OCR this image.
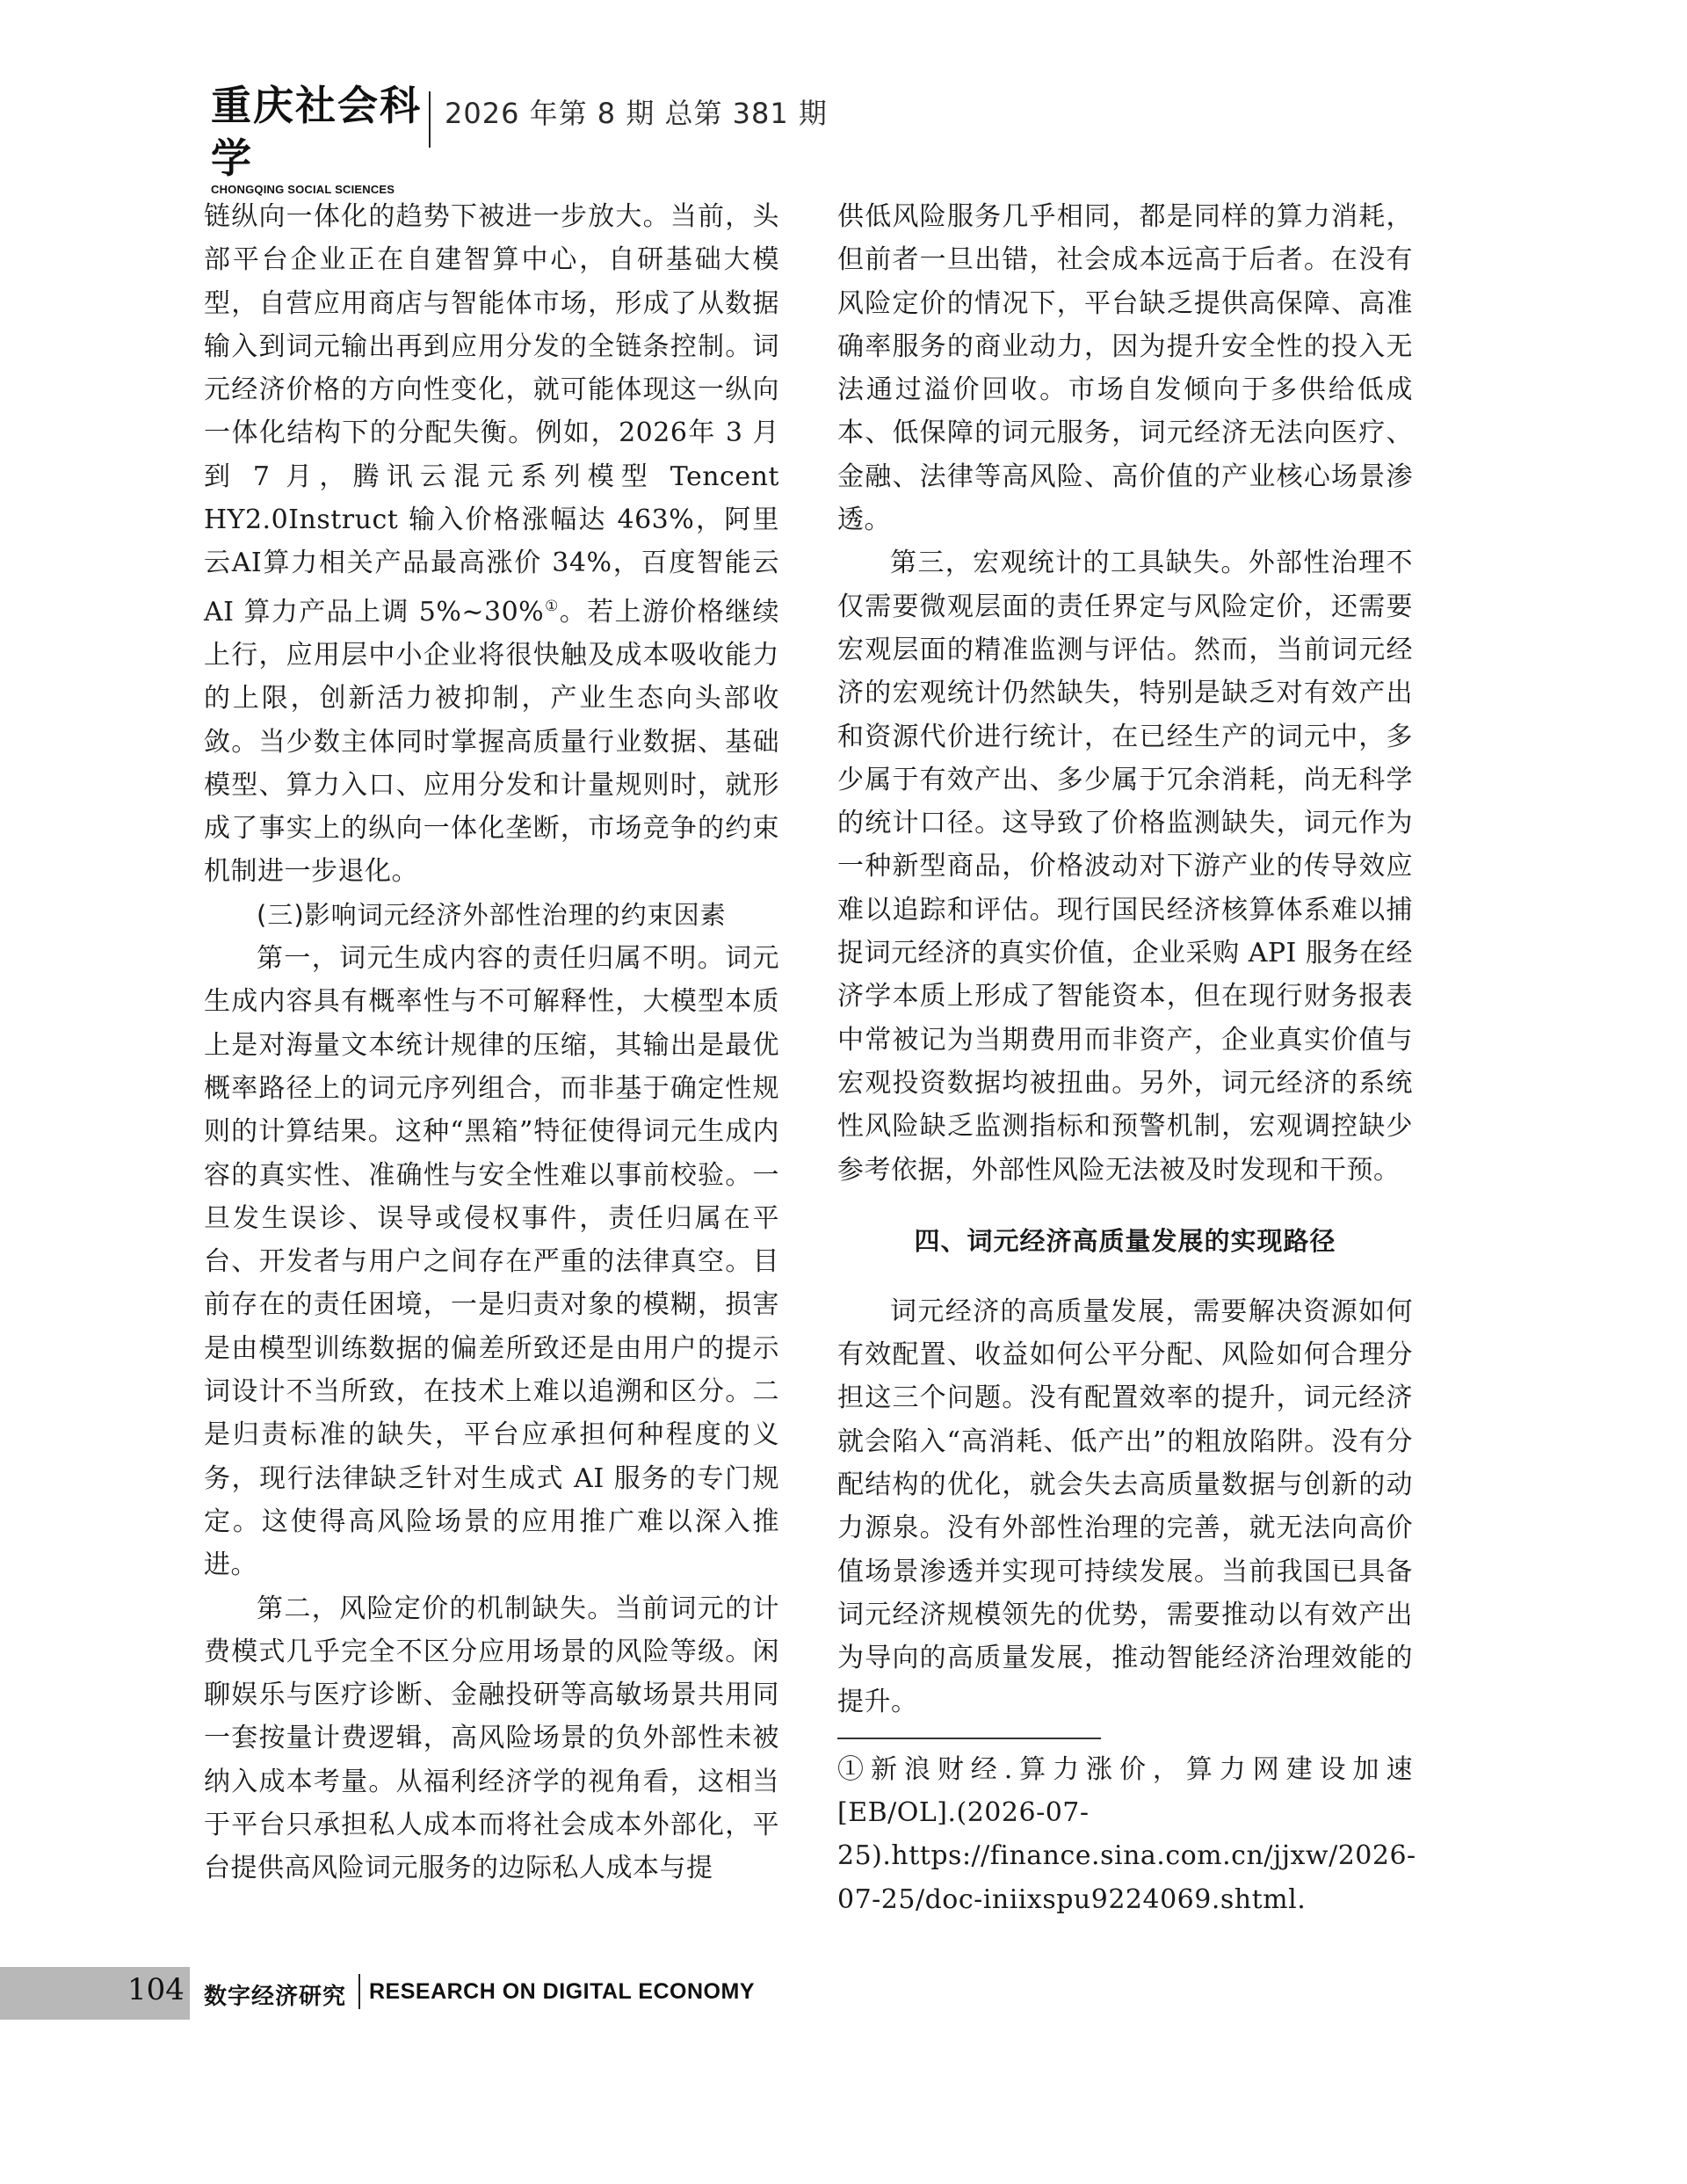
重庆社会科学
CHONGQING SOCIAL SCIENCES
2026 年第 8 期 总第 381 期

链纵向一体化的趋势下被进一步放大。当前，头部平台企业正在自建智算中心，自研基础大模型，自营应用商店与智能体市场，形成了从数据输入到词元输出再到应用分发的全链条控制。词元经济价格的方向性变化，就可能体现这一纵向一体化结构下的分配失衡。例如，2026年 3 月到 7 月，腾讯云混元系列模型 Tencent HY2.0Instruct 输入价格涨幅达 463%，阿里云AI算力相关产品最高涨价 34%，百度智能云 AI 算力产品上调 5%~30%①。若上游价格继续上行，应用层中小企业将很快触及成本吸收能力的上限，创新活力被抑制，产业生态向头部收敛。当少数主体同时掌握高质量行业数据、基础模型、算力入口、应用分发和计量规则时，就形成了事实上的纵向一体化垄断，市场竞争的约束机制进一步退化。

(三)影响词元经济外部性治理的约束因素

第一，词元生成内容的责任归属不明。词元生成内容具有概率性与不可解释性，大模型本质上是对海量文本统计规律的压缩，其输出是最优概率路径上的词元序列组合，而非基于确定性规则的计算结果。这种“黑箱”特征使得词元生成内容的真实性、准确性与安全性难以事前校验。一旦发生误诊、误导或侵权事件，责任归属在平台、开发者与用户之间存在严重的法律真空。目前存在的责任困境，一是归责对象的模糊，损害是由模型训练数据的偏差所致还是由用户的提示词设计不当所致，在技术上难以追溯和区分。二是归责标准的缺失，平台应承担何种程度的义务，现行法律缺乏针对生成式 AI 服务的专门规定。这使得高风险场景的应用推广难以深入推进。

第二，风险定价的机制缺失。当前词元的计费模式几乎完全不区分应用场景的风险等级。闲聊娱乐与医疗诊断、金融投研等高敏场景共用同一套按量计费逻辑，高风险场景的负外部性未被纳入成本考量。从福利经济学的视角看，这相当于平台只承担私人成本而将社会成本外部化，平台提供高风险词元服务的边际私人成本与提

供低风险服务几乎相同，都是同样的算力消耗，但前者一旦出错，社会成本远高于后者。在没有风险定价的情况下，平台缺乏提供高保障、高准确率服务的商业动力，因为提升安全性的投入无法通过溢价回收。市场自发倾向于多供给低成本、低保障的词元服务，词元经济无法向医疗、金融、法律等高风险、高价值的产业核心场景渗透。

第三，宏观统计的工具缺失。外部性治理不仅需要微观层面的责任界定与风险定价，还需要宏观层面的精准监测与评估。然而，当前词元经济的宏观统计仍然缺失，特别是缺乏对有效产出和资源代价进行统计，在已经生产的词元中，多少属于有效产出、多少属于冗余消耗，尚无科学的统计口径。这导致了价格监测缺失，词元作为一种新型商品，价格波动对下游产业的传导效应难以追踪和评估。现行国民经济核算体系难以捕捉词元经济的真实价值，企业采购 API 服务在经济学本质上形成了智能资本，但在现行财务报表中常被记为当期费用而非资产，企业真实价值与宏观投资数据均被扭曲。另外，词元经济的系统性风险缺乏监测指标和预警机制，宏观调控缺少参考依据，外部性风险无法被及时发现和干预。

四、词元经济高质量发展的实现路径

词元经济的高质量发展，需要解决资源如何有效配置、收益如何公平分配、风险如何合理分担这三个问题。没有配置效率的提升，词元经济就会陷入“高消耗、低产出”的粗放陷阱。没有分配结构的优化，就会失去高质量数据与创新的动力源泉。没有外部性治理的完善，就无法向高价值场景渗透并实现可持续发展。当前我国已具备词元经济规模领先的优势，需要推动以有效产出为导向的高质量发展，推动智能经济治理效能的提升。

①新浪财经.算力涨价，算力网建设加速[EB/OL].(2026-07-25).https://finance.sina.com.cn/jjxw/2026-07-25/doc-iniixspu9224069.shtml.

104 数字经济研究 RESEARCH ON DIGITAL ECONOMY
